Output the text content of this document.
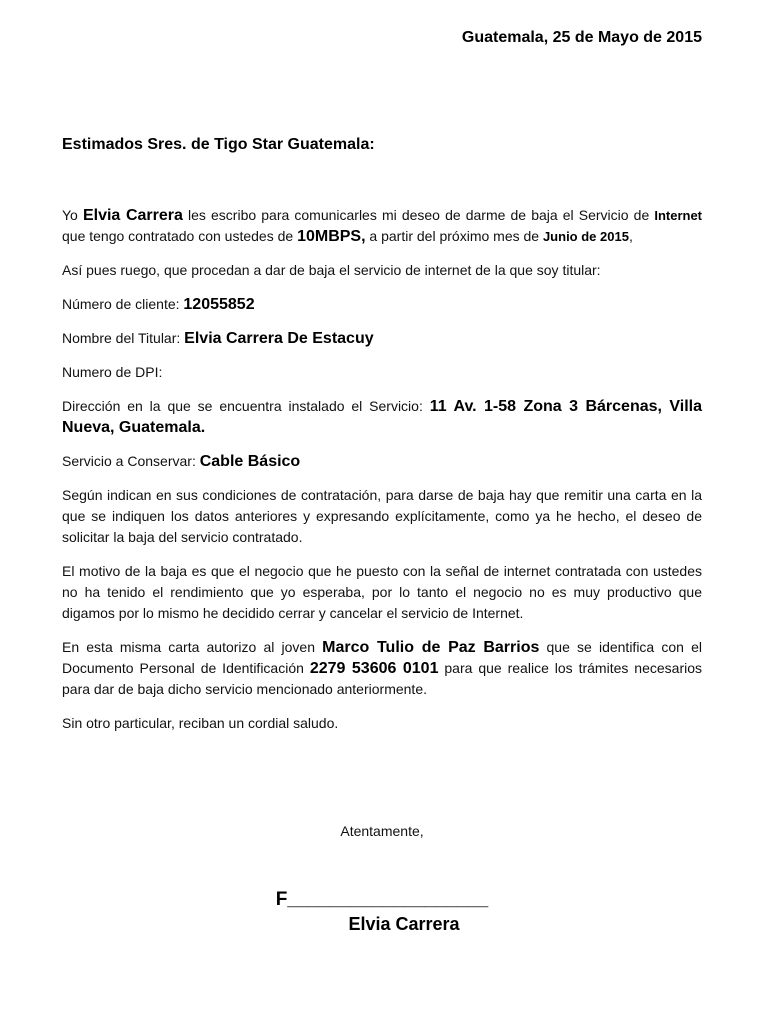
Guatemala, 25 de Mayo de 2015
Estimados Sres. de Tigo Star Guatemala:

Yo Elvia Carrera les escribo para comunicarles mi deseo de darme de baja el Servicio de Internet que tengo contratado con ustedes de 10MBPS, a partir del próximo mes de Junio de 2015,

Así pues ruego, que procedan a dar de baja el servicio de internet de la que soy titular:

Número de cliente: 12055852

Nombre del Titular: Elvia Carrera De Estacuy

Numero de DPI:

Dirección en la que se encuentra instalado el Servicio: 11 Av. 1-58 Zona 3 Bárcenas, Villa Nueva, Guatemala.

Servicio a Conservar: Cable Básico

Según indican en sus condiciones de contratación, para darse de baja hay que remitir una carta en la que se indiquen los datos anteriores y expresando explícitamente, como ya he hecho, el deseo de solicitar la baja del servicio contratado.

El motivo de la baja es que el negocio que he puesto con la señal de internet contratada con ustedes no ha tenido el rendimiento que yo esperaba, por lo tanto el negocio no es muy productivo que digamos por lo mismo he decidido cerrar y cancelar el servicio de Internet.

En esta misma carta autorizo al joven Marco Tulio de Paz Barrios que se identifica con el Documento Personal de Identificación 2279 53606 0101 para que realice los trámites necesarios para dar de baja dicho servicio mencionado anteriormente.

Sin otro particular, reciban un cordial saludo.

Atentamente,
F___________________
Elvia Carrera
